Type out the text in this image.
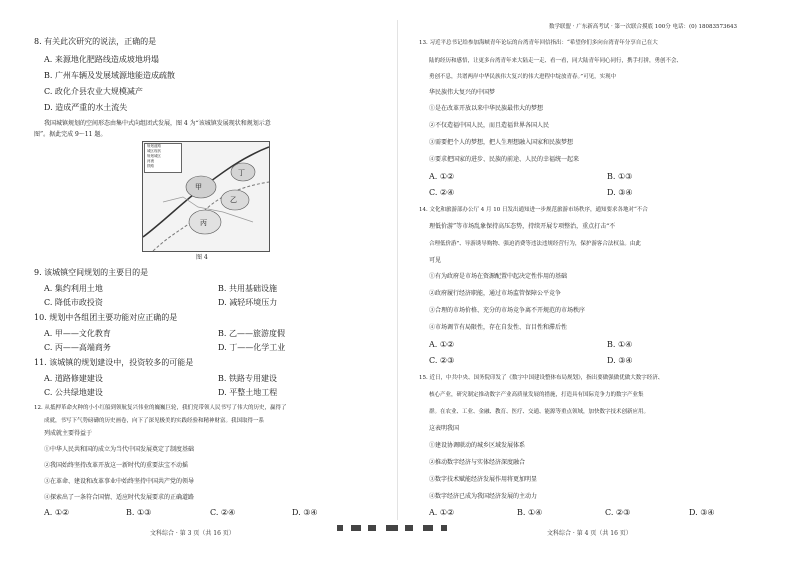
8. 有关此次研究的说法，正确的是
A. 来源地化肥路线造成坡地坍塌
B. 广州车辆及发展域源地能造成疏散
C. 政化介县农业大规模减产
D. 造成严重的水土流失
我国城镇规划的空间形态由集中式向组团式发展，图 4 为“该城镇发展现状和规划示意
图”。据此完成 9～11 题。
规划道路
城区现状
规划城区
河流
铁路
甲
乙
丙
丁
图 4
9. 该城镇空间规划的主要目的是
A. 集约利用土地	B. 共用基础设施
C. 降低市政投资	D. 减轻环境压力
10. 规划中各组团主要功能对应正确的是
A. 甲——文化教育	B. 乙——旅游度假
C. 丙——高端商务	D. 丁——化学工业
11. 该城镇的规划建设中，投资较多的可能是
A. 道路修建建设	B. 铁路专用建设
C. 公共绿地建设	D. 平整土地工程
12. 从抵押革命火种的小小红船到领航复兴伟业的巍巍巨轮，我们党带领人民书写了伟大的历史，赢得了
成就，书写下气势磅礴的历史画卷，向下了深见极美的实践经验和精神财富。我国取得一系
列成就主要得益于
①中华人民共和国的成立为当代中国发展奠定了制度基础
②我国始终坚持改革开放这一新时代的重要法宝不动摇
③在革命、建设和改革事业中始终坚持中国共产党的领导
④探索出了一条符合国情、适应时代发展要求的正确道路
A. ①②	B. ①③	C. ②④	D. ③④
文科综合 · 第 3 页（共 16 页）
数学联盟 · 广东新高考试 · 第一次联合摸底 100分 电话：(0) 18083573643
13. 习近平总书记给参加海峡青年论坛的台湾青年回信指出：“希望你们多向台湾青年分享自己在大
陆的经历和感悟，让更多台湾青年来大陆走一走、看一看，同大陆青年同心同行，携手打拼，勇创不会、
勇创不息，共谱两岸中华民族伟大复兴的伟大进程中绽放青春。”可见，实现中
华民族伟大复兴的中国梦
①是在改革开放以来中华民族最伟大的梦想
②不仅造福中国人民，而且造福世界各国人民
③需要把个人的梦想，把人生理想融入国家和民族梦想
④要求把国家的进步、民族的前途、人民的幸福统一起来
A. ①②	B. ①③
C. ②④	D. ③④
14. 文化和旅游部办公厅 4 月 10 日发出通知进一步规范旅游市场秩序，通知要求各地对“不合
理低价游”等市场乱象保持高压态势，持续开展专项整治，重点打击“不
合理低价游”、导游诱导购物、强迫消费等违法违规经营行为，保护游客合法权益。由此
可见
①有为政府是市场在资源配置中起决定性作用的基础
②政府履行经济职能，通过市场监管保障公平竞争
③合理的市场价格、充分的市场竞争离不开规范的市场秩序
④市场调节有局限性，存在自发性、盲目性和滞后性
A. ①②	B. ①④
C. ②③	D. ③④
15. 近日，中共中央、国务院印发了《数字中国建设整体布局规划》，指出要做强做优做大数字经济、
核心产业，研究制定推动数字产业高质量发展的措施，打造具有国际竞争力的数字产业集
群。在农业、工业、金融、教育、医疗、交通、能源等重点领域，加快数字技术创新应用。
这表明我国
①建设协调联动的城乡区域发展体系
②推动数字经济与实体经济深度融合
③数字技术赋能经济发展作用将更加明显
④数字经济已成为我国经济发展的主动力
A. ①②	B. ①④	C. ②③	D. ③④
文科综合 · 第 4 页（共 16 页）
